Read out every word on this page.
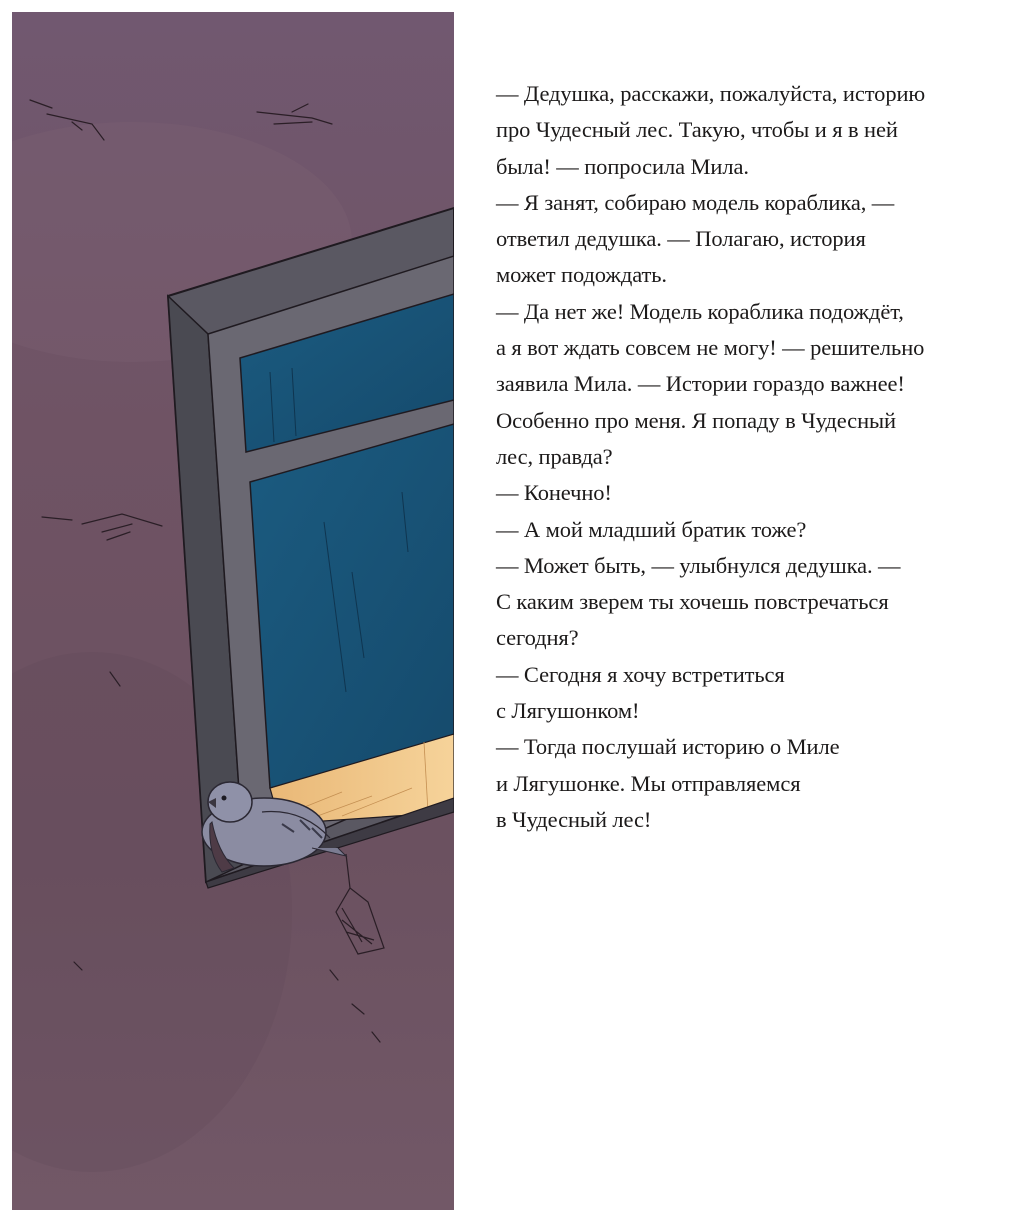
— Дедушка, расскажи, пожалуйста, историю
про Чудесный лес. Такую, чтобы и я в ней
была! — попросила Мила.
— Я занят, собираю модель кораблика, —
ответил дедушка. — Полагаю, история
может подождать.
— Да нет же! Модель кораблика подождёт,
а я вот ждать совсем не могу! — решительно
заявила Мила. — Истории гораздо важнее!
Особенно про меня. Я попаду в Чудесный
лес, правда?
— Конечно!
— А мой младший братик тоже?
— Может быть, — улыбнулся дедушка. —
С каким зверем ты хочешь повстречаться
сегодня?
— Сегодня я хочу встретиться
с Лягушонком!
— Тогда послушай историю о Миле
и Лягушонке. Мы отправляемся
в Чудесный лес!
